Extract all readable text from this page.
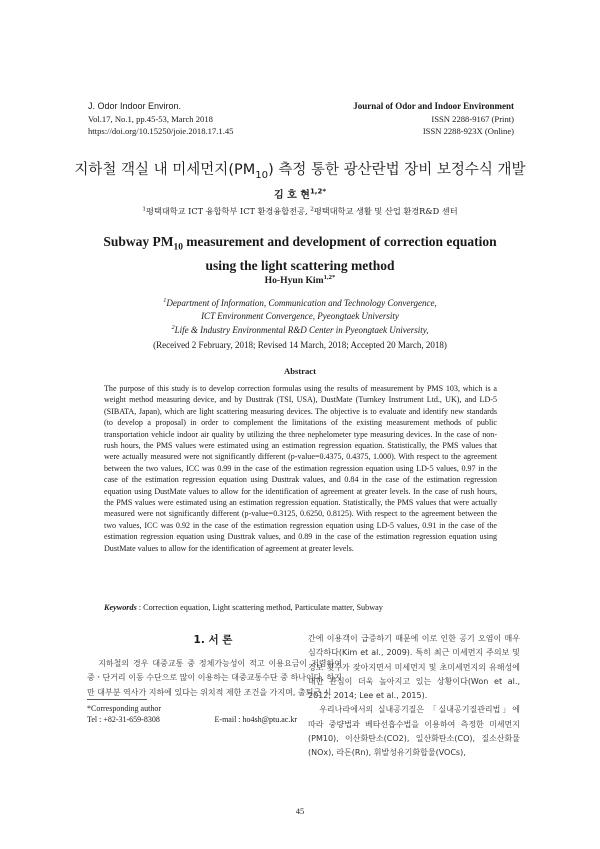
J. Odor Indoor Environ.
Vol.17, No.1, pp.45-53, March 2018
https://doi.org/10.15250/joie.2018.17.1.45
Journal of Odor and Indoor Environment
ISSN 2288-9167 (Print)
ISSN 2288-923X (Online)
지하철 객실 내 미세먼지$(PM_{10})$ 측정 통한 광산란법 장비 보정수식 개발
김 호 현$^{1,2*}$
$^1$평택대학교 ICT 융합학부 ICT 환경융합전공, $^2$평택대학교 생활 및 산업 환경R&D 센터
Subway $PM_{10}$ measurement and development of correction equation
using the light scattering method
Ho-Hyun Kim$^{1,2*}$
$^1$Department of Information, Communication and Technology Convergence,
ICT Environment Convergence, Pyeongtaek University
$^2$Life & Industry Environmental R&D Center in Pyeongtaek University,
(Received 2 February, 2018; Revised 14 March, 2018; Accepted 20 March, 2018)
Abstract
The purpose of this study is to develop correction formulas using the results of measurement by PMS 103, which is a weight method measuring device, and by Dusttrak (TSI, USA), DustMate (Turnkey Instrument Ltd., UK), and LD-5 (SIBATA, Japan), which are light scattering measuring devices. The objective is to evaluate and identify new standards (to develop a proposal) in order to complement the limitations of the existing measurement methods of public transportation vehicle indoor air quality by utilizing the three nephelometer type measuring devices. In the case of non-rush hours, the PMS values were estimated using an estimation regression equation. Statistically, the PMS values that were actually measured were not significantly different (p-value=0.4375, 0.4375, 1.000). With respect to the agreement between the two values, ICC was 0.99 in the case of the estimation regression equation using LD-5 values, 0.97 in the case of the estimation regression equation using Dusttrak values, and 0.84 in the case of the estimation regression equation using DustMate values to allow for the identification of agreement at greater levels. In the case of rush hours, the PMS values were estimated using an estimation regression equation. Statistically, the PMS values that were actually measured were not significantly different (p-value=0.3125, 0.6250, 0.8125). With respect to the agreement between the two values, ICC was 0.92 in the case of the estimation regression equation using LD-5 values, 0.91 in the case of the estimation regression equation using Dusttrak values, and 0.89 in the case of the estimation regression equation using DustMate values to allow for the identification of agreement at greater levels.
Keywords : Correction equation, Light scattering method, Particulate matter, Subway
1. 서 론
지하철의 경우 대중교통 중 정체가능성이 적고 이용요금이 저렴하여 중ㆍ단거리 이동 수단으로 많이 이용하는 대중교통수단 중 하나이다. 하지만 대부분 역사가 지하에 있다는 위치적 제한 조건을 가지며, 출퇴근 시
간에 이용객이 급증하기 때문에 이로 인한 공기 오염이 매우 심각하다(Kim et al., 2009). 특히 최근 미세먼지 주의보 및 경보 횟수가 잦아지면서 미세먼지 및 초미세먼지의 유해성에 대한 관심이 더욱 높아지고 있는 상황이다(Won et al., 2012; 2014; Lee et al., 2015).
우리나라에서의 실내공기질은 「실내공기질관리법」에 따라 중량법과 베타선흡수법을 이용하여 측정한 미세먼지(PM10), 이산화탄소(CO2), 일산화탄소(CO), 질소산화물(NOx), 라돈(Rn), 휘발성유기화합물(VOCs),
*Corresponding author
Tel : +82-31-659-8308	E-mail : ho4sh@ptu.ac.kr
45
